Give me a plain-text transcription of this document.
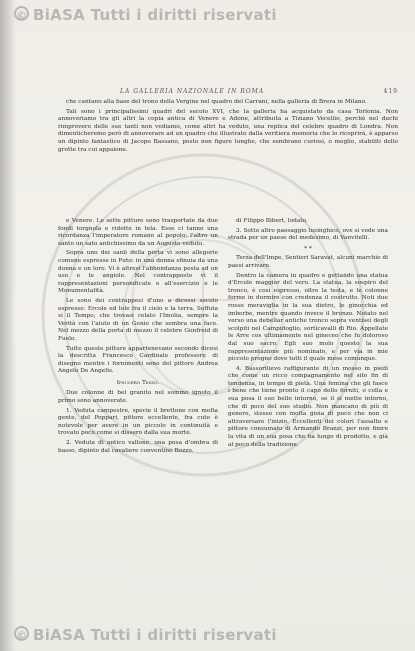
© BiASA Tutti i diritti riservati
LA GALLERIA NAZIONALE IN ROMA	419

che cantano alla base del trono della Vergine nel quadro del Carrani, nella galleria di Brera in Milano.

Tali sono i principalissimi quadri del secolo XVI, che la galleria ha acquistato da casa Torlonia. Non annoveriamo tra gli altri la copia antica di Venere e Adone, attribuita a Tiziano Vecellio, perchè nel duchi rimprovero delle sue tanti non vediamo, come altri ha veduto, una replica del celebre quadro di Londra. Non dimenticheremo però di annoverare ad un quadro che illustrato dalla veritiera memoria che lo ricoprirà, è apparso un dipinto fantastico di Jacopo Bassano, posto non figure lunghe, che sembrano curiosi, o meglio, stabiliti dello grotte tra cui appaione.

e Venere. Le sette pitture sono trasportate da due fondi torgnola e ridotte in tela. Esse ci tanno una ricordanza l'imperatore romano al popolo; l'altro un santo un sato antichissimo da un Augusto veduto.

Sopra uno dei sanli della porta vi sono allegorie comune espresse in Puto: in una donna sfinuia da una donna e un loro. Vi è altresì l'abbondanza posta ad un uso e le angiole. Nel contrapposto vi il rappresentazioni personificate e all'esercizio e le Monumentalità.

Le sono dei contrappesi d'uno a dicessi secolo espresse: Ercole ed Iole fra il cielo e la terra. Soffuta si il Tempo, che trovasi celato l'Imolia, sempre la Verità con l'aiuto di un Genio che sembra una face. Nel mezzo della porta di mezzo il celebre Gonfreid di Fuelo.

Tutte queste pitture appartenevano secondo dicesi la descritta Francesco Cardinale professore di disegno mentre i fornimenti sono del pittore Andrea Angelo De Angelis.

Ipsucero Tesso.

Due colonne di bel granito nel sommo ignoto il primo sono annoverate.

1. Veduta campestre, specie il brettone con molta gente, del Poppari, pittore eccellente, fra cuto è notevole per avere in un piccolo in continuità e trovato poco come si dissero dalla sua morte.

2. Veduta di antico vallone, una posa d'ombra di basso, dipinto dal cavaliere conventino Bozzo.

di Filippo Bibert, lodato.

3. Sotto altro paesaggio lusinghico, ove si vede una strada per un paese del medesimo, di Vanvitelli.

* *

Terza dell'Impe, Sentieri Saravat, alcuni marchio di paesi arrivare.

Dentro la camera in quadro e gettando una statua d'Ercole maggior del vero. La statua, la sospiro del tronco, è così espresso, oltre la testa, e le colonne forme in dormire con credenza il costrutto. Noti due rosso meraviglia in la sua dietro, le ginocchia ed imberbe, mentre quando invece il bronzo. Notato nel verso una debellar antiche tronco sopra ventisei degli scolpiti nel Campidoglio, sorticavalli di Rio. Appellate le Arre cos ultimamente nel gineceo che fu doloroso dal suo sacro. Egli suo molo questo la sua rappresentazione più nominato, e per via in mie piccolo progno dove tutti il quale mese comunque.

4. Bassorilievo raffigurante di un mosso in piedi che come un ricco compagnamento nel sito fin di tendenza, in tempo di pietà. Una femina che gli fasce i bene che tiene pronto il capo dello forniti, o colla e sua posa il suo bello intorno, se il si mette intorno, che di poco del suo studio. Non mancano di più di genere, stesso con molta gioia di poco che non ci attraversare l'inizio. Eccellenti dei colori l'assalto e pittore consumato di Armando Branzi, per non finire la vita di un sua posa che ha lungo di prodotto, e già al poco della tradizione.

© BiASA Tutti i diritti riservati
